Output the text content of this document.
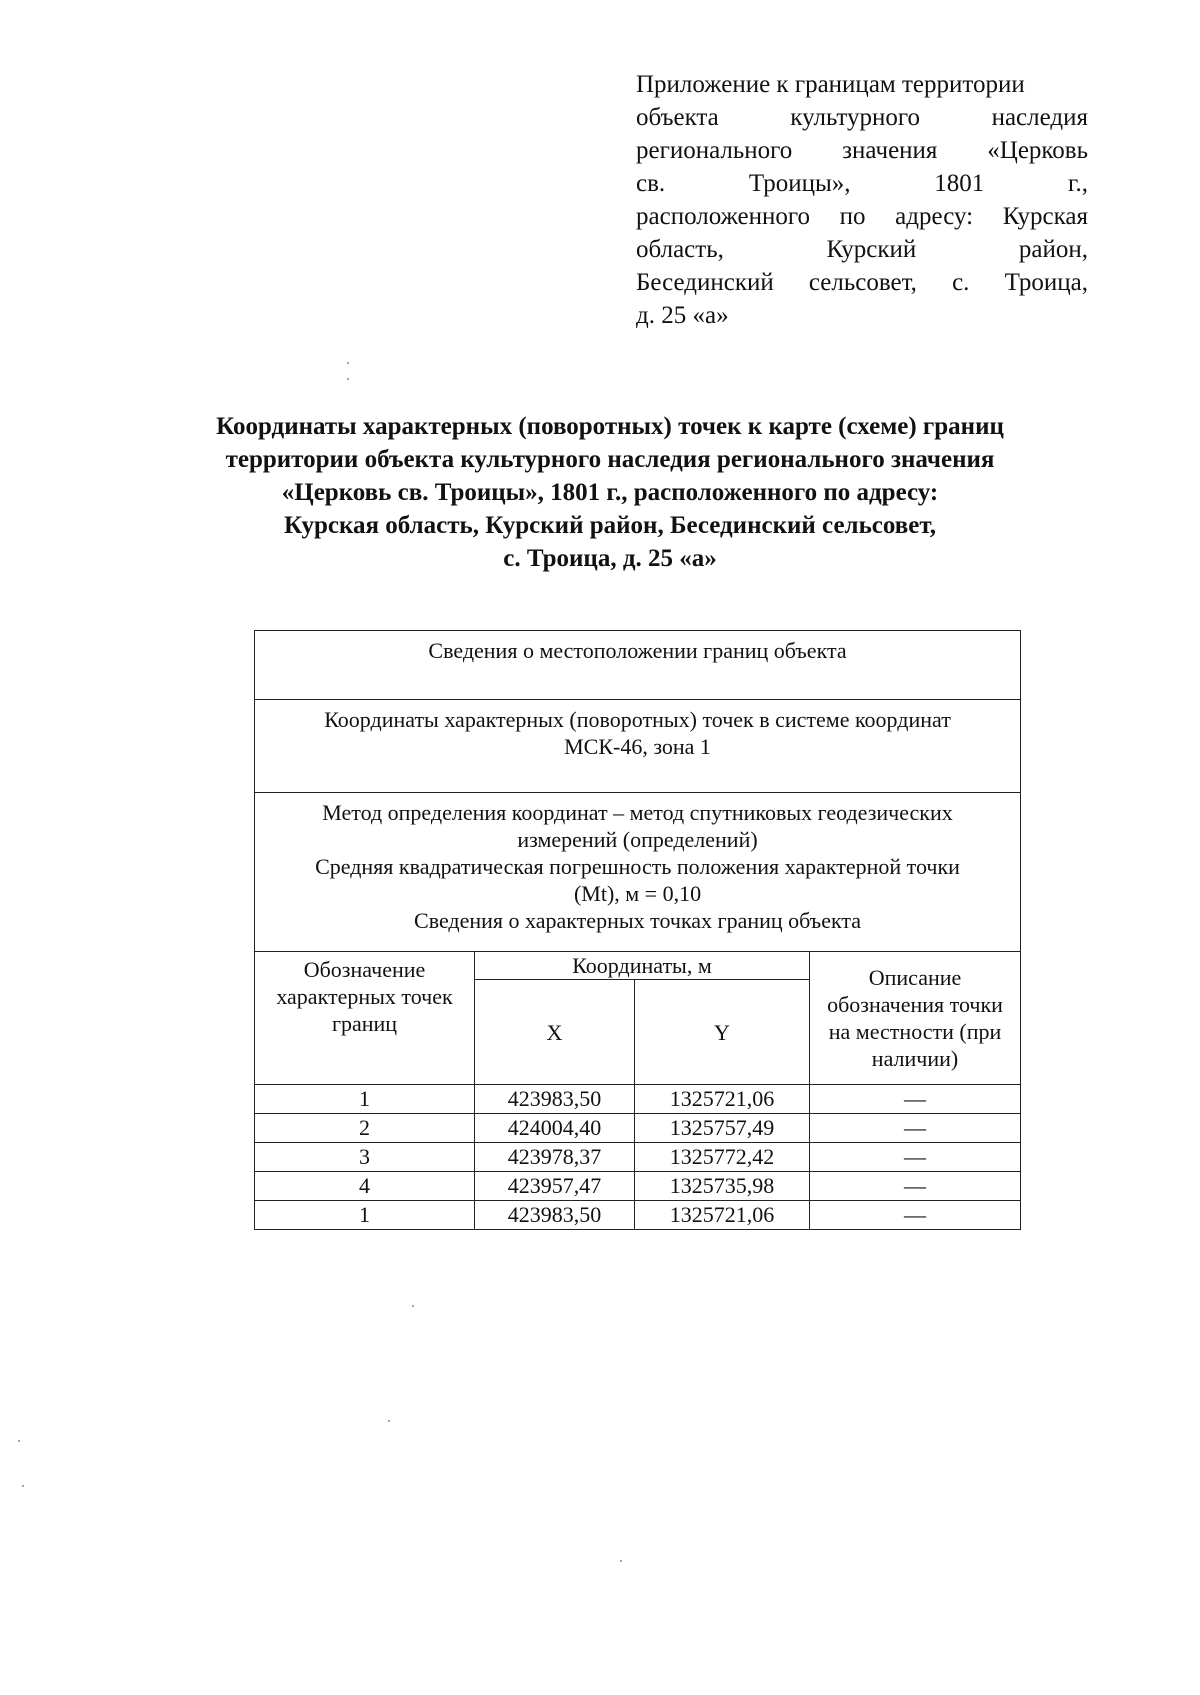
Приложение к границам территории
объекта культурного наследия
регионального значения «Церковь
св. Троицы», 1801 г.,
расположенного по адресу: Курская
область, Курский район,
Бесединский сельсовет, с. Троица,
д. 25 «а»
Координаты характерных (поворотных) точек к карте (схеме) границ
территории объекта культурного наследия регионального значения
«Церковь св. Троицы», 1801 г., расположенного по адресу:
Курская область, Курский район, Бесединский сельсовет,
с. Троица, д. 25 «а»
Сведения о местоположении границ объекта			

Координаты характерных (поворотных) точек в системе координат
МСК-46, зона 1			

Метод определения координат – метод спутниковых геодезических
измерений (определений)
Средняя квадратическая погрешность положения характерной точки
(Mt), м = 0,10
Сведения о характерных точках границ объекта			

Обозначение характерных точек границ	Координаты, м		Описание обозначения точки на местности (при наличии)
	X	Y	
1	423983,50	1325721,06	—
2	424004,40	1325757,49	—
3	423978,37	1325772,42	—
4	423957,47	1325735,98	—
1	423983,50	1325721,06	—
